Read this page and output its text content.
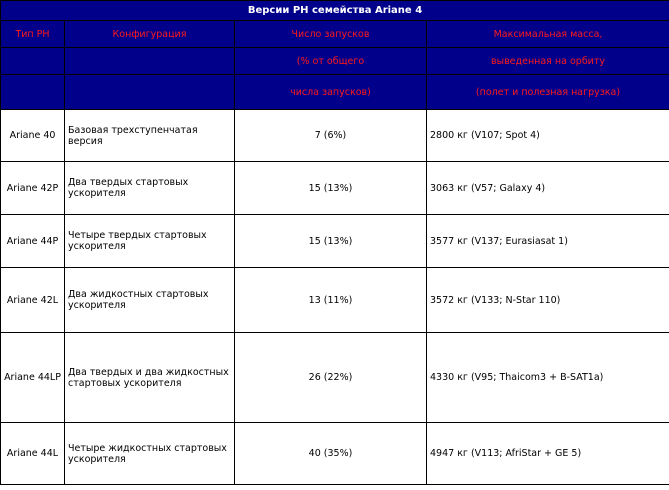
Версии РН семейства Ariane 4			
Тип РН	Конфигурация	Число запусков	Максимальная масса,
		(% от общего	выведенная на орбиту
		числа запусков)	(полет и полезная нагрузка)
Ariane 40	Базовая трехступенчатая версия	7 (6%)	2800 кг (V107; Spot 4)
Ariane 42P	Два твердых стартовых ускорителя	15 (13%)	3063 кг (V57; Galaxy 4)
Ariane 44P	Четыре твердых стартовых ускорителя	15 (13%)	3577 кг (V137; Eurasiasat 1)
Ariane 42L	Два жидкостных стартовых ускорителя	13 (11%)	3572 кг (V133; N-Star 110)
Ariane 44LP	Два твердых и два жидкостных стартовых ускорителя	26 (22%)	4330 кг (V95; Thaicom3 + B-SAT1a)
Ariane 44L	Четыре жидкостных стартовых ускорителя	40 (35%)	4947 кг (V113; AfriStar + GE 5)
